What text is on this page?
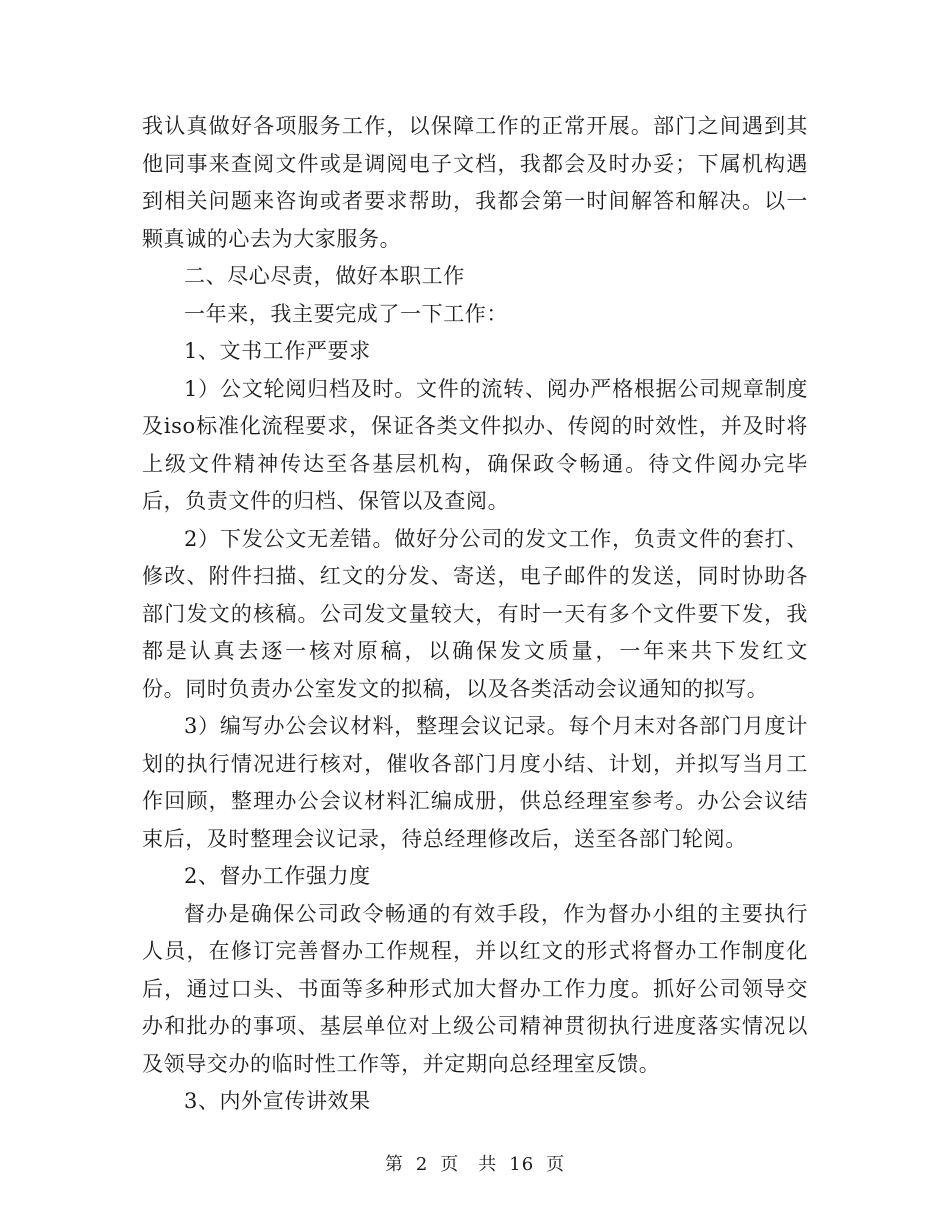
我认真做好各项服务工作，以保障工作的正常开展。部门之间遇到其他同事来查阅文件或是调阅电子文档，我都会及时办妥；下属机构遇到相关问题来咨询或者要求帮助，我都会第一时间解答和解决。以一颗真诚的心去为大家服务。

二、尽心尽责，做好本职工作

一年来，我主要完成了一下工作：

1、文书工作严要求

1）公文轮阅归档及时。文件的流转、阅办严格根据公司规章制度及iso标准化流程要求，保证各类文件拟办、传阅的时效性，并及时将上级文件精神传达至各基层机构，确保政令畅通。待文件阅办完毕后，负责文件的归档、保管以及查阅。

2）下发公文无差错。做好分公司的发文工作，负责文件的套打、修改、附件扫描、红文的分发、寄送，电子邮件的发送，同时协助各部门发文的核稿。公司发文量较大，有时一天有多个文件要下发，我都是认真去逐一核对原稿，以确保发文质量，一年来共下发红文　份。同时负责办公室发文的拟稿，以及各类活动会议通知的拟写。

3）编写办公会议材料，整理会议记录。每个月末对各部门月度计划的执行情况进行核对，催收各部门月度小结、计划，并拟写当月工作回顾，整理办公会议材料汇编成册，供总经理室参考。办公会议结束后，及时整理会议记录，待总经理修改后，送至各部门轮阅。

2、督办工作强力度

督办是确保公司政令畅通的有效手段，作为督办小组的主要执行人员，在修订完善督办工作规程，并以红文的形式将督办工作制度化后，通过口头、书面等多种形式加大督办工作力度。抓好公司领导交办和批办的事项、基层单位对上级公司精神贯彻执行进度落实情况以及领导交办的临时性工作等，并定期向总经理室反馈。

3、内外宣传讲效果

第 2 页　共 16 页
